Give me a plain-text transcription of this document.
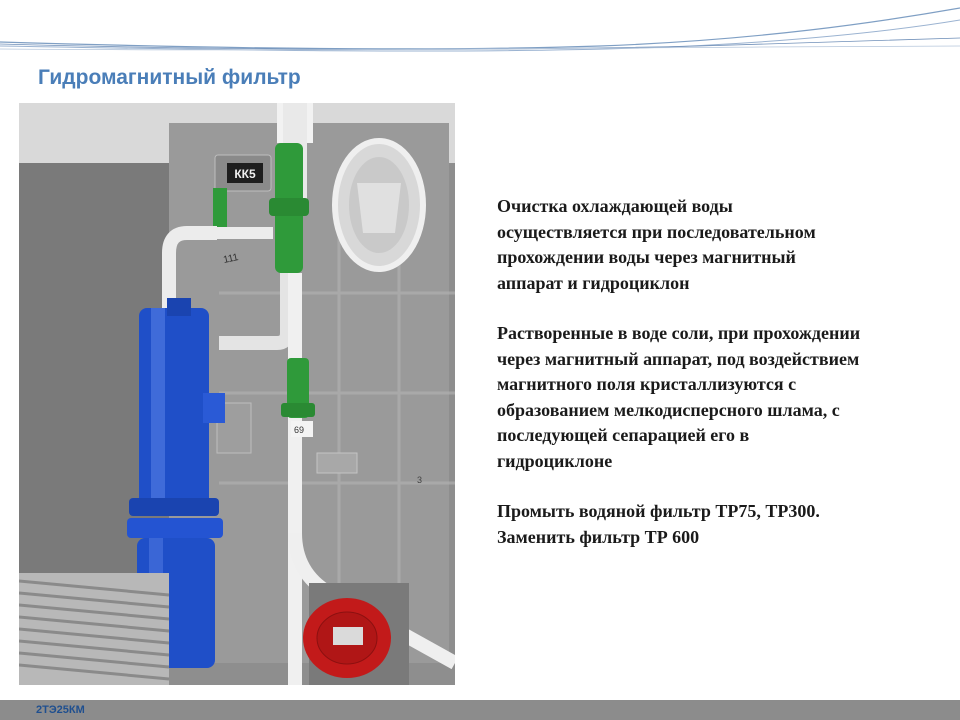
Гидромагнитный фильтр
КК5
111
69
3

Очистка охлаждающей воды
осуществляется при последовательном
прохождении воды через магнитный
аппарат и гидроциклон

Растворенные в воде соли, при прохождении
через магнитный аппарат, под воздействием
магнитного поля кристаллизуются с
образованием мелкодисперсного шлама, с
последующей сепарацией его в
гидроциклоне

Промыть водяной фильтр ТР75, ТР300.
Заменить фильтр ТР 600

2ТЭ25КМ
